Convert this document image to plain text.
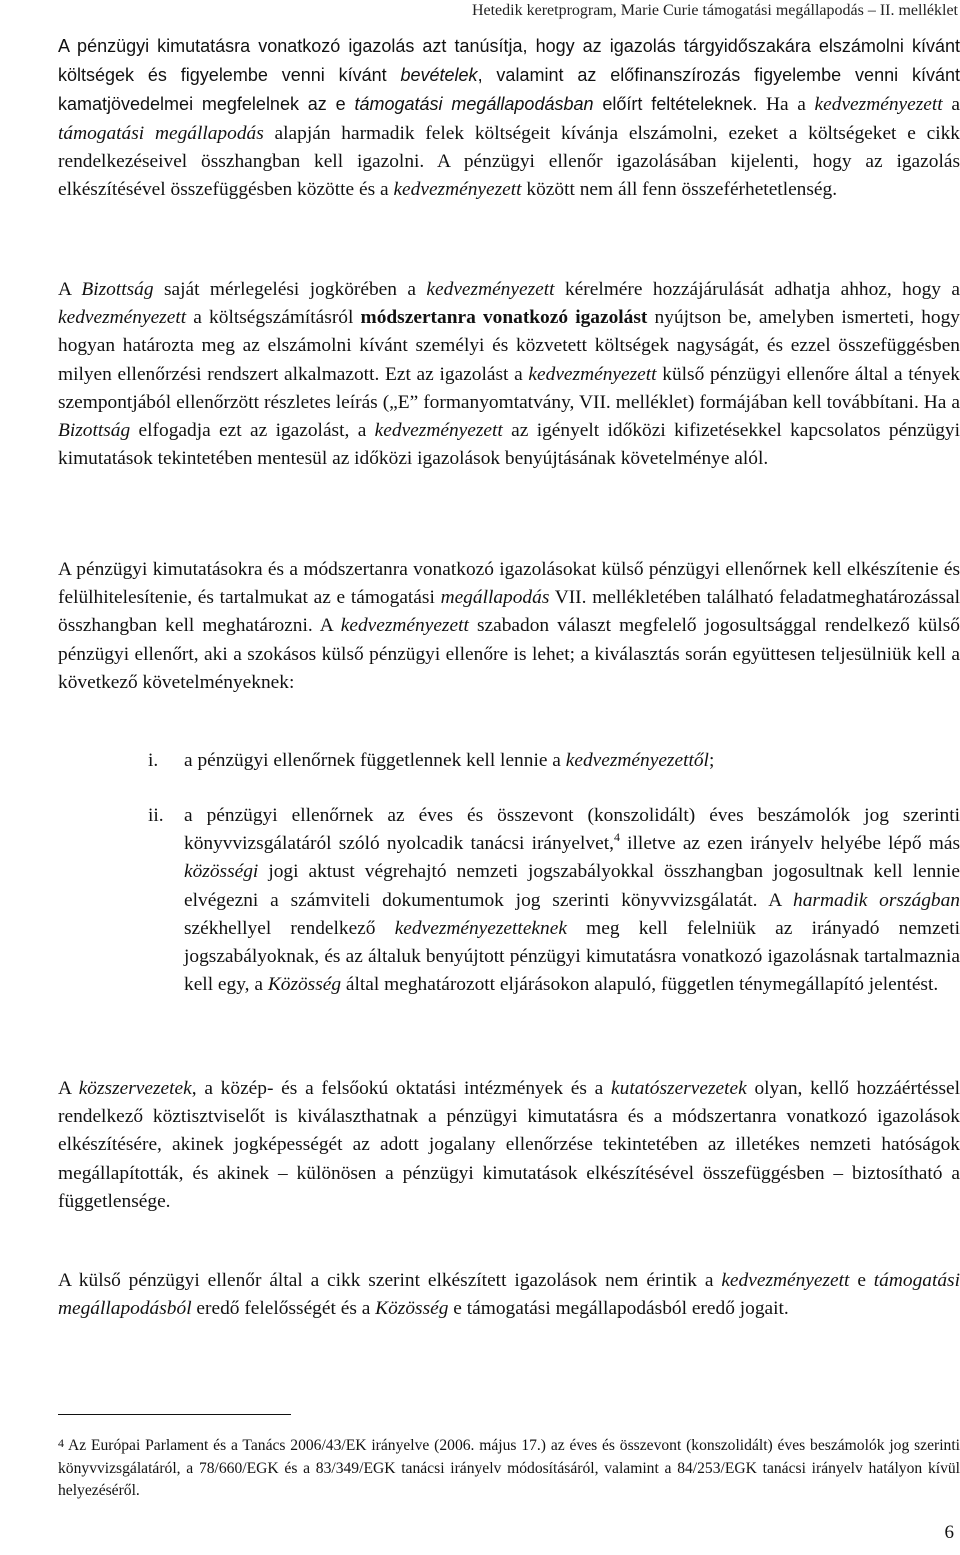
Hetedik keretprogram, Marie Curie támogatási megállapodás – II. melléklet

A pénzügyi kimutatásra vonatkozó igazolás azt tanúsítja, hogy az igazolás tárgyidőszakára elszámolni kívánt költségek és figyelembe venni kívánt bevételek, valamint az előfinanszírozás figyelembe venni kívánt kamatjövedelmei megfelelnek az e támogatási megállapodásban előírt feltételeknek. Ha a kedvezményezett a támogatási megállapodás alapján harmadik felek költségeit kívánja elszámolni, ezeket a költségeket e cikk rendelkezéseivel összhangban kell igazolni. A pénzügyi ellenőr igazolásában kijelenti, hogy az igazolás elkészítésével összefüggésben közötte és a kedvezményezett között nem áll fenn összeférhetetlenség.

A Bizottság saját mérlegelési jogkörében a kedvezményezett kérelmére hozzájárulását adhatja ahhoz, hogy a kedvezményezett a költségszámításról módszertanra vonatkozó igazolást nyújtson be, amelyben ismerteti, hogy hogyan határozta meg az elszámolni kívánt személyi és közvetett költségek nagyságát, és ezzel összefüggésben milyen ellenőrzési rendszert alkalmazott. Ezt az igazolást a kedvezményezett külső pénzügyi ellenőre által a tények szempontjából ellenőrzött részletes leírás („E” formanyomtatvány, VII. melléklet) formájában kell továbbítani. Ha a Bizottság elfogadja ezt az igazolást, a kedvezményezett az igényelt időközi kifizetésekkel kapcsolatos pénzügyi kimutatások tekintetében mentesül az időközi igazolások benyújtásának követelménye alól.

A pénzügyi kimutatásokra és a módszertanra vonatkozó igazolásokat külső pénzügyi ellenőrnek kell elkészítenie és felülhitelesítenie, és tartalmukat az e támogatási megállapodás VII. mellékletében található feladatmeghatározással összhangban kell meghatározni. A kedvezményezett szabadon választ megfelelő jogosultsággal rendelkező külső pénzügyi ellenőrt, aki a szokásos külső pénzügyi ellenőre is lehet; a kiválasztás során együttesen teljesülniük kell a következő követelményeknek:

i. a pénzügyi ellenőrnek függetlennek kell lennie a kedvezményezettől;
ii. a pénzügyi ellenőrnek az éves és összevont (konszolidált) éves beszámolók jog szerinti könyvvizsgálatáról szóló nyolcadik tanácsi irányelvet,$^4$ illetve az ezen irányelv helyébe lépő más közösségi jogi aktust végrehajtó nemzeti jogszabályokkal összhangban jogosultnak kell lennie elvégezni a számviteli dokumentumok jog szerinti könyvvizsgálatát. A harmadik országban székhellyel rendelkező kedvezményezetteknek meg kell felelniük az irányadó nemzeti jogszabályoknak, és az általuk benyújtott pénzügyi kimutatásra vonatkozó igazolásnak tartalmaznia kell egy, a Közösség által meghatározott eljárásokon alapuló, független ténymegállapító jelentést.

A közszervezetek, a közép- és a felsőokú oktatási intézmények és a kutatószervezetek olyan, kellő hozzáértéssel rendelkező köztisztviselőt is kiválaszthatnak a pénzügyi kimutatásra és a módszertanra vonatkozó igazolások elkészítésére, akinek jogképességét az adott jogalany ellenőrzése tekintetében az illetékes nemzeti hatóságok megállapították, és akinek – különösen a pénzügyi kimutatások elkészítésével összefüggésben – biztosítható a függetlensége.

A külső pénzügyi ellenőr által a cikk szerint elkészített igazolások nem érintik a kedvezményezett e támogatási megállapodásból eredő felelősségét és a Közösség e támogatási megállapodásból eredő jogait.

$^4$ Az Európai Parlament és a Tanács 2006/43/EK irányelve (2006. május 17.) az éves és összevont (konszolidált) éves beszámolók jog szerinti könyvvizsgálatáról, a 78/660/EGK és a 83/349/EGK tanácsi irányelv módosításáról, valamint a 84/253/EGK tanácsi irányelv hatályon kívül helyezéséről.
6
